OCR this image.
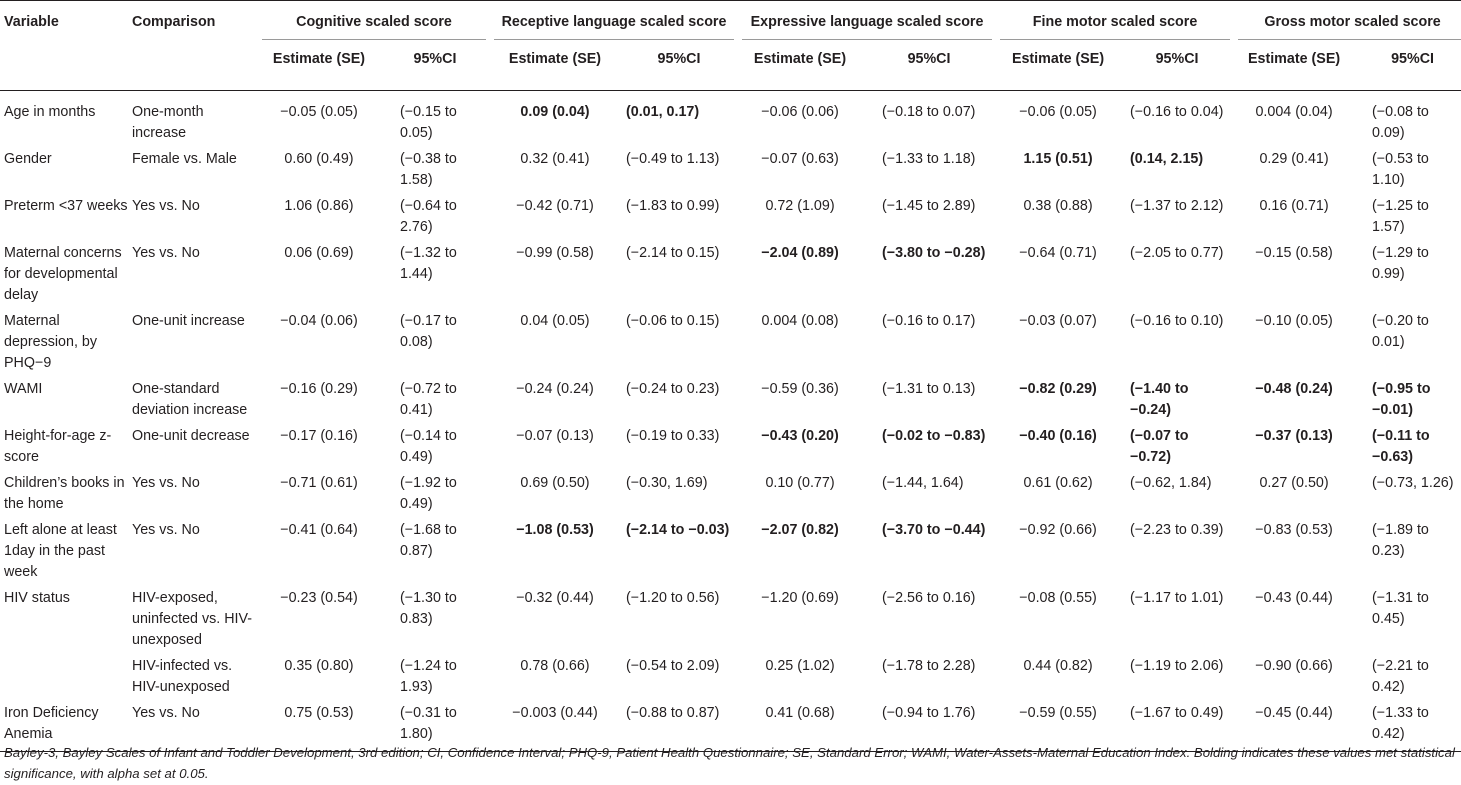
Variable	Comparison	Cognitive scaled score		Receptive language scaled score		Expressive language scaled score		Fine motor scaled score		Gross motor scaled score	

		Estimate (SE)	95%CI	Estimate (SE)	95%CI	Estimate (SE)	95%CI	Estimate (SE)	95%CI	Estimate (SE)	95%CI
Age in months	One-month increase	−0.05 (0.05)	(−0.15 to 0.05)	0.09 (0.04)	(0.01, 0.17)	−0.06 (0.06)	(−0.18 to 0.07)	−0.06 (0.05)	(−0.16 to 0.04)	0.004 (0.04)	(−0.08 to 0.09)
Gender	Female vs. Male	0.60 (0.49)	(−0.38 to 1.58)	0.32 (0.41)	(−0.49 to 1.13)	−0.07 (0.63)	(−1.33 to 1.18)	1.15 (0.51)	(0.14, 2.15)	0.29 (0.41)	(−0.53 to 1.10)
Preterm <37 weeks	Yes vs. No	1.06 (0.86)	(−0.64 to 2.76)	−0.42 (0.71)	(−1.83 to 0.99)	0.72 (1.09)	(−1.45 to 2.89)	0.38 (0.88)	(−1.37 to 2.12)	0.16 (0.71)	(−1.25 to 1.57)
Maternal concerns for developmental delay	Yes vs. No	0.06 (0.69)	(−1.32 to 1.44)	−0.99 (0.58)	(−2.14 to 0.15)	−2.04 (0.89)	(−3.80 to −0.28)	−0.64 (0.71)	(−2.05 to 0.77)	−0.15 (0.58)	(−1.29 to 0.99)
Maternal depression, by PHQ−9	One-unit increase	−0.04 (0.06)	(−0.17 to 0.08)	0.04 (0.05)	(−0.06 to 0.15)	0.004 (0.08)	(−0.16 to 0.17)	−0.03 (0.07)	(−0.16 to 0.10)	−0.10 (0.05)	(−0.20 to 0.01)
WAMI	One-standard deviation increase	−0.16 (0.29)	(−0.72 to 0.41)	−0.24 (0.24)	(−0.24 to 0.23)	−0.59 (0.36)	(−1.31 to 0.13)	−0.82 (0.29)	(−1.40 to −0.24)	−0.48 (0.24)	(−0.95 to −0.01)
Height-for-age z-score	One-unit decrease	−0.17 (0.16)	(−0.14 to 0.49)	−0.07 (0.13)	(−0.19 to 0.33)	−0.43 (0.20)	(−0.02 to −0.83)	−0.40 (0.16)	(−0.07 to −0.72)	−0.37 (0.13)	(−0.11 to −0.63)
Children’s books in the home	Yes vs. No	−0.71 (0.61)	(−1.92 to 0.49)	0.69 (0.50)	(−0.30, 1.69)	0.10 (0.77)	(−1.44, 1.64)	0.61 (0.62)	(−0.62, 1.84)	0.27 (0.50)	(−0.73, 1.26)
Left alone at least 1day in the past week	Yes vs. No	−0.41 (0.64)	(−1.68 to 0.87)	−1.08 (0.53)	(−2.14 to −0.03)	−2.07 (0.82)	(−3.70 to −0.44)	−0.92 (0.66)	(−2.23 to 0.39)	−0.83 (0.53)	(−1.89 to 0.23)
HIV status	HIV-exposed, uninfected vs. HIV-unexposed	−0.23 (0.54)	(−1.30 to 0.83)	−0.32 (0.44)	(−1.20 to 0.56)	−1.20 (0.69)	(−2.56 to 0.16)	−0.08 (0.55)	(−1.17 to 1.01)	−0.43 (0.44)	(−1.31 to 0.45)
	HIV-infected vs. HIV-unexposed	0.35 (0.80)	(−1.24 to 1.93)	0.78 (0.66)	(−0.54 to 2.09)	0.25 (1.02)	(−1.78 to 2.28)	0.44 (0.82)	(−1.19 to 2.06)	−0.90 (0.66)	(−2.21 to 0.42)
Iron Deficiency Anemia	Yes vs. No	0.75 (0.53)	(−0.31 to 1.80)	−0.003 (0.44)	(−0.88 to 0.87)	0.41 (0.68)	(−0.94 to 1.76)	−0.59 (0.55)	(−1.67 to 0.49)	−0.45 (0.44)	(−1.33 to 0.42)
Bayley-3, Bayley Scales of Infant and Toddler Development, 3rd edition; CI, Confidence Interval; PHQ-9, Patient Health Questionnaire; SE, Standard Error; WAMI, Water-Assets-Maternal Education Index. Bolding indicates these values met statistical significance, with alpha set at 0.05.
